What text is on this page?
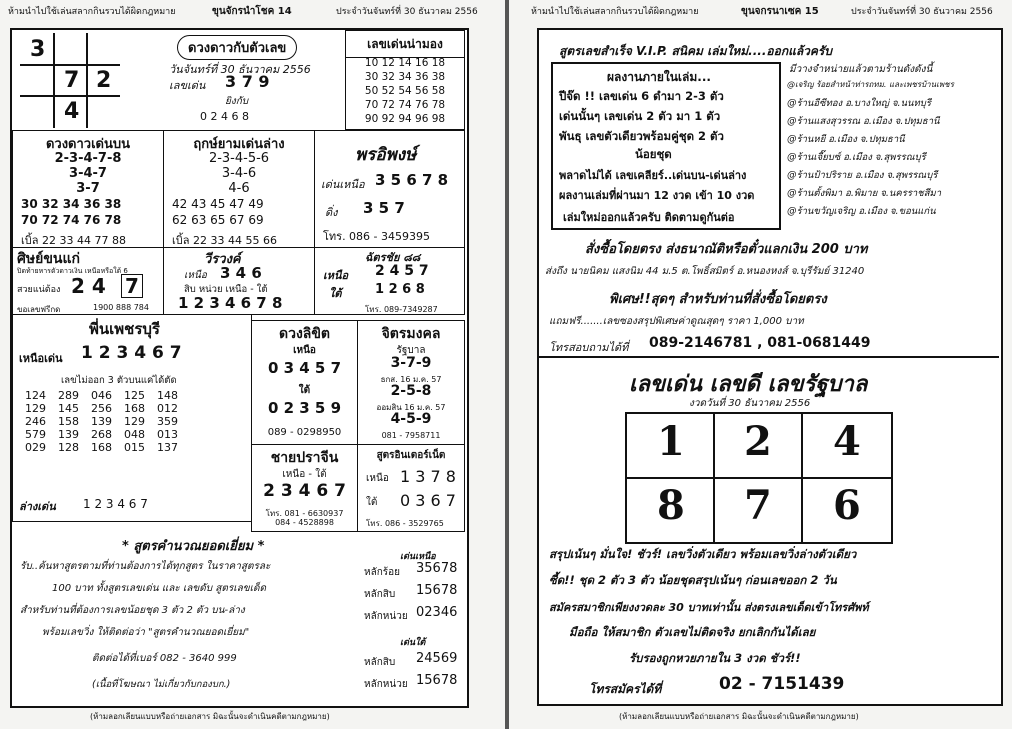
ห้ามนำไปใช้เล่นสลากกินรวบได้ผิดกฎหมาย	ขุนจักรนำโชค 14	ประจำวันจันทร์ที่ 30 ธันวาคม 2556
3
7 2
4
ดวงดาวกับตัวเลข
วันจันทร์ที่ 30 ธันวาคม 2556
เลขเด่น 3 7 9
ยิงกับ
0 2 4 6 8
เลขเด่นน่ามอง
10 12 14 16 18
30 32 34 36 38
50 52 54 56 58
70 72 74 76 78
90 92 94 96 98
ดวงดาวเด่นบน
2-3-4-7-8
3-4-7
3-7
30 32 34 36 38
70 72 74 76 78
เบิ้ล 22 33 44 77 88
ฤกษ์ยามเด่นล่าง
2-3-4-5-6
3-4-6
4-6
42 43 45 47 49
62 63 65 67 69
เบิ้ล 22 33 44 55 66
พรอิพงษ์
เด่นเหนือ 3 5 6 7 8
ดิ่ง 3 5 7
โทร. 086 - 3459395
ศิษย์ขนแก่
ปิดท้ายหารตัวดาวเงิน เหนือหรือใต้ 6
สวยแน่ต้อง 2 4 7
ขอเลขฟรีกด	1900 888 784
วีรวงค์
เหนือ 3 4 6
สิบ หน่วย เหนือ - ใต้
1 2 3 4 6 7 8
ฉัตรชัย ๘๘
เหนือ 2 4 5 7
ใต้	1 2 6 8
โทร. 089-7349287
พี่นเพชรบุรี
เหนือเด่น 1 2 3 4 6 7
เลขไม่ออก 3 ตัวบนแค่ได้ตัด
124	289	046	125	148
129	145	256	168	012
246	158	139	129	359
579	139	268	048	013
029	128	168	015	137
ล่างเด่น 1 2 3 4 6 7
ดวงลิขิต
เหนือ
0 3 4 5 7
ใต้
0 2 3 5 9
089 - 0298950
จิตรมงคล
รัฐบาล
3-7-9
ธกส. 16 ม.ค. 57
2-5-8
ออมสิน 16 ม.ค. 57
4-5-9
081 - 7958711
ชายปราจีน
เหนือ - ใต้
2 3 4 6 7
โทร. 081 - 6630937
084 - 4528898
สูตรอินเตอร์เน็ต
เหนือ 1 3 7 8
ใต้ 0 3 6 7
โทร. 086 - 3529765
* สูตรคำนวณยอดเยี่ยม *
รับ..ค้นหาสูตรตามที่ท่านต้องการได้ทุกสูตร ในราคาสูตรละ
100 บาท ทั้งสูตรเลขเด่น และ เลขดับ สูตรเลขเด็ด
สำหรับท่านที่ต้องการเลขน้อยชุด 3 ตัว 2 ตัว บน-ล่าง
พร้อมเลขวิ่ง ให้ติดต่อว่า "สูตรคำนวณยอดเยี่ยม"
ติดต่อได้ที่เบอร์ 082 - 3640 999
(เนื้อที่โฆษณา ไม่เกี่ยวกับกองบก.)
เด่นเหนือ
หลักร้อย 35678
หลักสิบ 15678
หลักหน่วย 02346
เด่นใต้
หลักสิบ 24569
หลักหน่วย 15678
(ห้ามลอกเลียนแบบหรือถ่ายเอกสาร มิฉะนั้นจะดำเนินคดีตามกฎหมาย)
ห้ามนำไปใช้เล่นสลากกินรวบได้ผิดกฎหมาย	ขุนจกรนาเซค 15	ประจำวันจันทร์ที่ 30 ธันวาคม 2556
สูตรเลขสำเร็จ V.I.P. สนิคม เล่มใหม่....ออกแล้วครับ
มีวางจำหน่ายแล้วตามร้านดังดังนี้
@เจริญ ร้อยสำหน้าท่ารถทม. และเพชรบ้านเพชร
@ร้านอีซีทอง อ.บางใหญ่ จ.นนทบุรี
@ร้านแสงสุวรรณ อ.เมือง จ.ปทุมธานี
@ร้านหยี อ.เมือง จ.ปทุมธานี
@ร้านเจี๊ยบซ์ อ.เมือง จ.สุพรรณบุรี
@ร้านป้าปริราย อ.เมือง จ.สุพรรณบุรี
@ร้านตั้งพิมา อ.พิมาย จ.นครราชสีมา
@ร้านขวัญเจริญ อ.เมือง จ.ขอนแก่น
ผลงานภายในเล่ม...
ปีจ๊ด !! เลขเด่น 6 ดำมา 2-3 ตัว
เด่นนั้นๆ เลขเด่น 2 ตัว มา 1 ตัว
พันธุ เลขตัวเดียวพร้อมคู่ชุด 2 ตัว
น้อยชุด
พลาดไม่ได้ เลขเคลียร์..เด่นบน-เด่นล่าง
ผลงานเล่มที่ผ่านมา 12 งวด เข้า 10 งวด
เล่มใหม่ออกแล้วครับ ติดตามดูกันต่อ
สั่งซื้อโดยตรง ส่งธนาณัติหรือตั๋วแลกเงิน 200 บาท
ส่งถึง นายนิคม แสงนิม 44 ม.5 ต.โพธิ์สมิตร์ อ.หนองหงส์ จ.บุรีรัมย์ 31240
พิเศษ!!สุดๆ สำหรับท่านที่สั่งซื้อโดยตรง
แถมฟรี.......เลขซองสรุปพิเศษค่าดูณสุดๆ ราคา 1,000 บาท
โทรสอบถามได้ที่ 089-2146781 , 081-0681449
เลขเด่น เลขดี เลขรัฐบาล
งวดวันที่ 30 ธันวาคม 2556
1 2 4
8 7 6
สรุปเน้นๆ มั่นใจ! ชัวร์! เลขวิ่งตัวเดียว พร้อมเลขวิ่งล่างตัวเดียว
ซี้ด!! ชุด 2 ตัว 3 ตัว น้อยชุดสรุปเน้นๆ ก่อนเลขออก 2 วัน
สมัครสมาชิกเพียงงวดละ 30 บาทเท่านั้น ส่งตรงเลขเด็ดเข้าโทรศัพท์
มือถือ ให้สมาชิก ตัวเลขไม่ติดจริง ยกเลิกกันได้เลย
รับรองถูกหวยภายใน 3 งวด ชัวร์!!
โทรสมัครได้ที่	02 - 7151439
(ห้ามลอกเลียนแบบหรือถ่ายเอกสาร มิฉะนั้นจะดำเนินคดีตามกฎหมาย)
